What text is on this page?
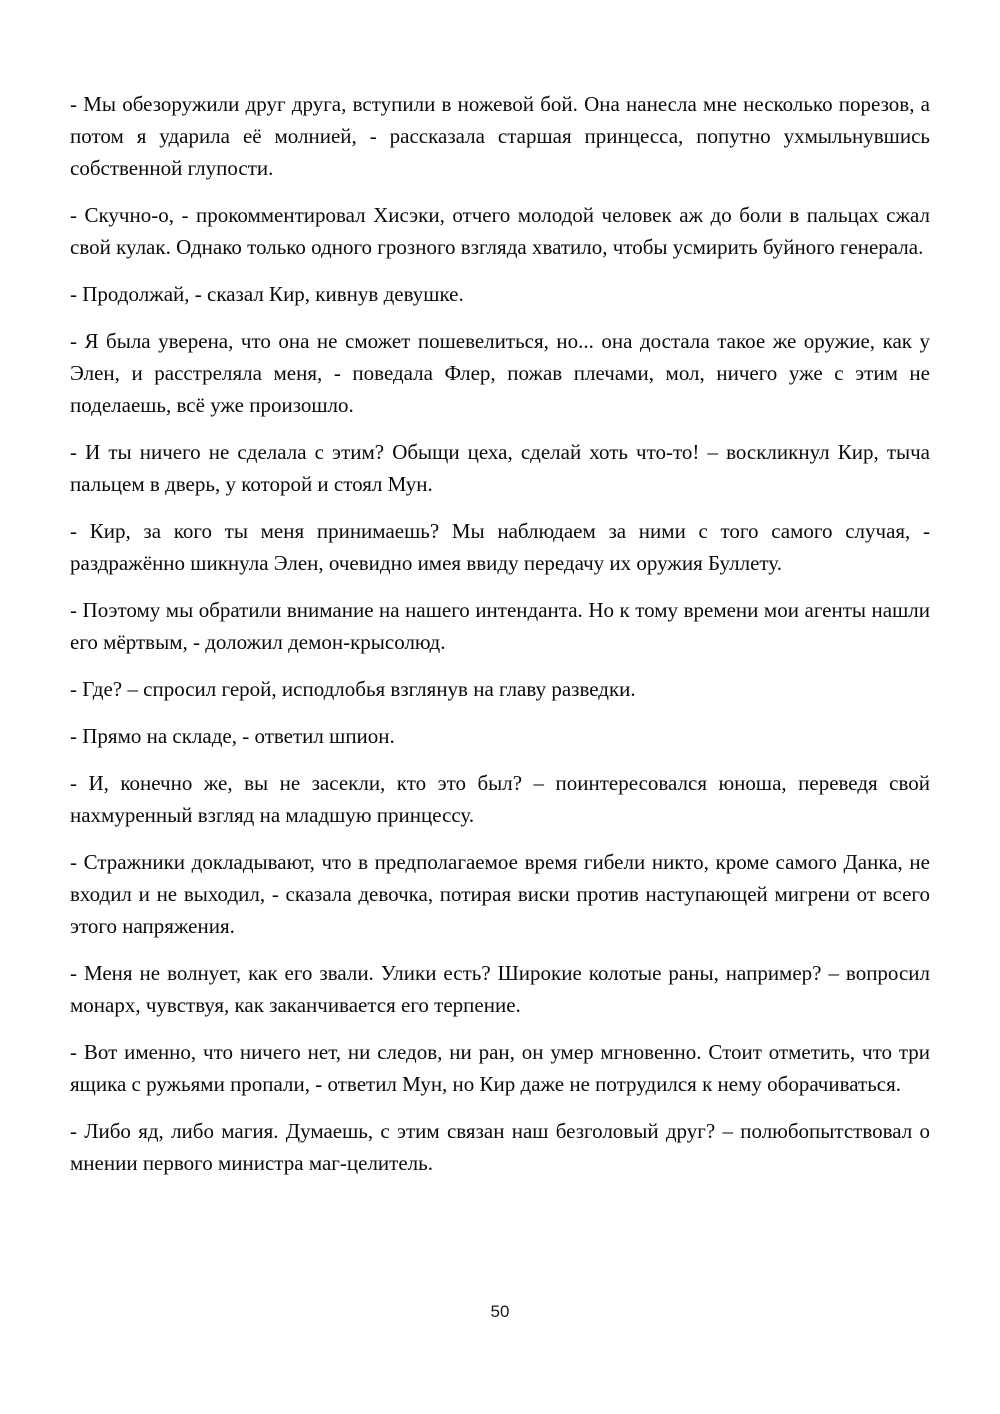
- Мы обезоружили друг друга, вступили в ножевой бой. Она нанесла мне несколько порезов, а потом я ударила её молнией, - рассказала старшая принцесса, попутно ухмыльнувшись собственной глупости.

- Скучно-о, - прокомментировал Хисэки, отчего молодой человек аж до боли в пальцах сжал свой кулак. Однако только одного грозного взгляда хватило, чтобы усмирить буйного генерала.

- Продолжай, - сказал Кир, кивнув девушке.

- Я была уверена, что она не сможет пошевелиться, но... она достала такое же оружие, как у Элен, и расстреляла меня, - поведала Флер, пожав плечами, мол, ничего уже с этим не поделаешь, всё уже произошло.

- И ты ничего не сделала с этим? Обыщи цеха, сделай хоть что-то! – воскликнул Кир, тыча пальцем в дверь, у которой и стоял Мун.

- Кир, за кого ты меня принимаешь? Мы наблюдаем за ними с того самого случая, - раздражённо шикнула Элен, очевидно имея ввиду передачу их оружия Буллету.

- Поэтому мы обратили внимание на нашего интенданта. Но к тому времени мои агенты нашли его мёртвым, - доложил демон-крысолюд.

- Где? – спросил герой, исподлобья взглянув на главу разведки.

- Прямо на складе, - ответил шпион.

- И, конечно же, вы не засекли, кто это был? – поинтересовался юноша, переведя свой нахмуренный взгляд на младшую принцессу.

- Стражники докладывают, что в предполагаемое время гибели никто, кроме самого Данка, не входил и не выходил, - сказала девочка, потирая виски против наступающей мигрени от всего этого напряжения.

- Меня не волнует, как его звали. Улики есть? Широкие колотые раны, например? – вопросил монарх, чувствуя, как заканчивается его терпение.

- Вот именно, что ничего нет, ни следов, ни ран, он умер мгновенно. Стоит отметить, что три ящика с ружьями пропали, - ответил Мун, но Кир даже не потрудился к нему оборачиваться.

- Либо яд, либо магия. Думаешь, с этим связан наш безголовый друг? – полюбопытствовал о мнении первого министра маг-целитель.

50
